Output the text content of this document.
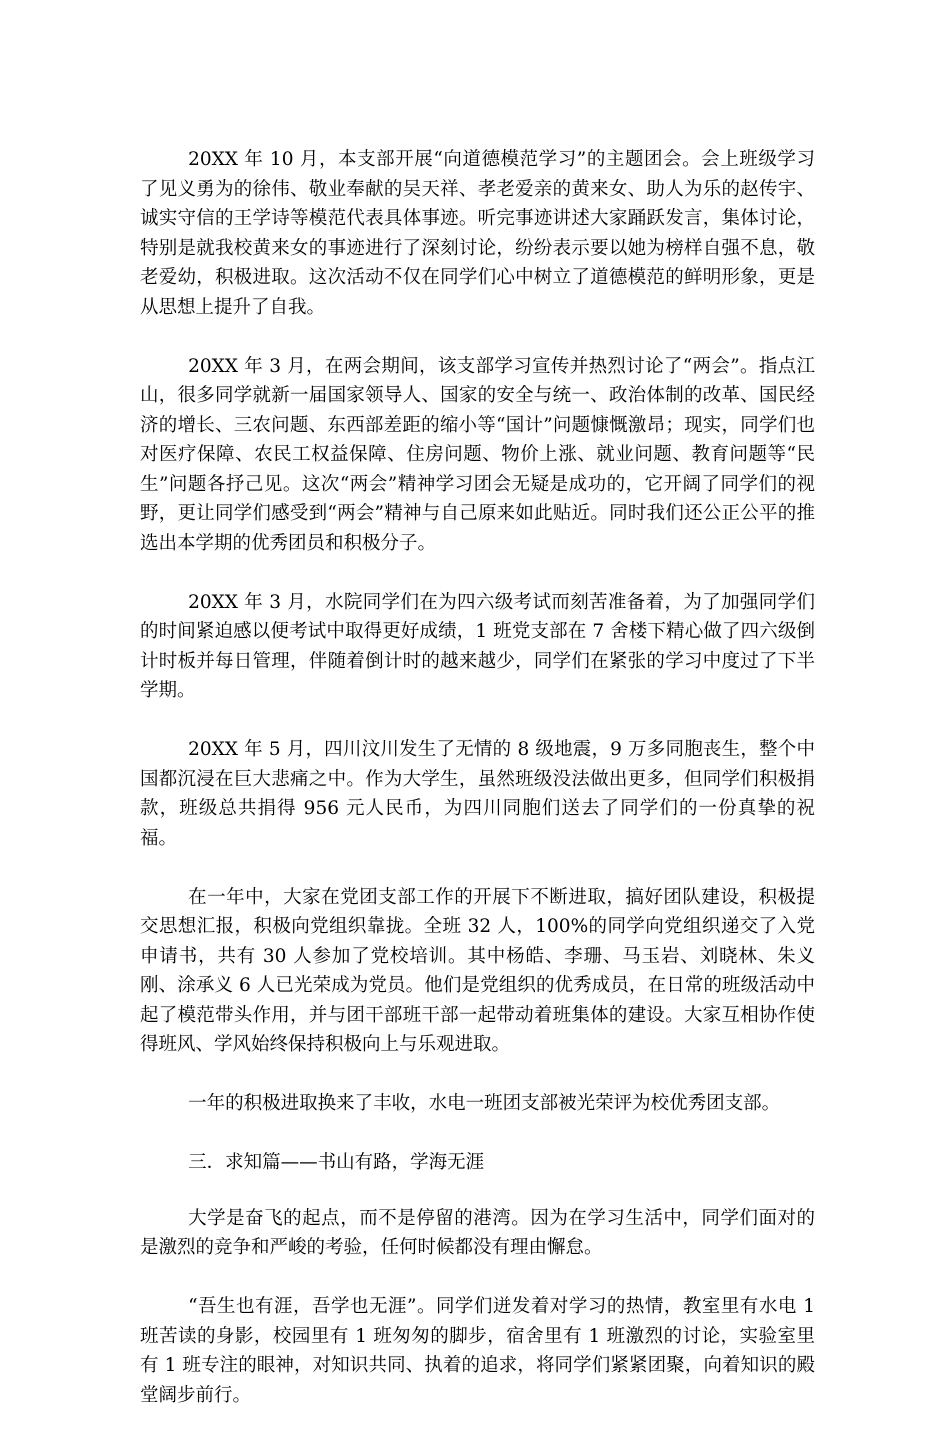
20XX 年 10 月，本支部开展“向道德模范学习”的主题团会。会上班级学习了见义勇为的徐伟、敬业奉献的吴天祥、孝老爱亲的黄来女、助人为乐的赵传宇、诚实守信的王学诗等模范代表具体事迹。听完事迹讲述大家踊跃发言，集体讨论，特别是就我校黄来女的事迹进行了深刻讨论，纷纷表示要以她为榜样自强不息，敬老爱幼，积极进取。这次活动不仅在同学们心中树立了道德模范的鲜明形象，更是从思想上提升了自我。

20XX 年 3 月，在两会期间，该支部学习宣传并热烈讨论了“两会”。指点江山，很多同学就新一届国家领导人、国家的安全与统一、政治体制的改革、国民经济的增长、三农问题、东西部差距的缩小等“国计”问题慷慨激昂；现实，同学们也对医疗保障、农民工权益保障、住房问题、物价上涨、就业问题、教育问题等“民生”问题各抒己见。这次“两会”精神学习团会无疑是成功的，它开阔了同学们的视野，更让同学们感受到“两会”精神与自己原来如此贴近。同时我们还公正公平的推选出本学期的优秀团员和积极分子。

20XX 年 3 月，水院同学们在为四六级考试而刻苦准备着，为了加强同学们的时间紧迫感以便考试中取得更好成绩，1 班党支部在 7 舍楼下精心做了四六级倒计时板并每日管理，伴随着倒计时的越来越少，同学们在紧张的学习中度过了下半学期。

20XX 年 5 月，四川汶川发生了无情的 8 级地震，9 万多同胞丧生，整个中国都沉浸在巨大悲痛之中。作为大学生，虽然班级没法做出更多，但同学们积极捐款，班级总共捐得 956 元人民币，为四川同胞们送去了同学们的一份真挚的祝福。

在一年中，大家在党团支部工作的开展下不断进取，搞好团队建设，积极提交思想汇报，积极向党组织靠拢。全班 32 人，100%的同学向党组织递交了入党申请书，共有 30 人参加了党校培训。其中杨皓、李珊、马玉岩、刘晓林、朱义刚、涂承义 6 人已光荣成为党员。他们是党组织的优秀成员，在日常的班级活动中起了模范带头作用，并与团干部班干部一起带动着班集体的建设。大家互相协作使得班风、学风始终保持积极向上与乐观进取。

一年的积极进取换来了丰收，水电一班团支部被光荣评为校优秀团支部。

三．求知篇——书山有路，学海无涯

大学是奋飞的起点，而不是停留的港湾。因为在学习生活中，同学们面对的是激烈的竞争和严峻的考验，任何时候都没有理由懈怠。

“吾生也有涯，吾学也无涯”。同学们迸发着对学习的热情，教室里有水电 1 班苦读的身影，校园里有 1 班匆匆的脚步，宿舍里有 1 班激烈的讨论，实验室里有 1 班专注的眼神，对知识共同、执着的追求，将同学们紧紧团聚，向着知识的殿堂阔步前行。
